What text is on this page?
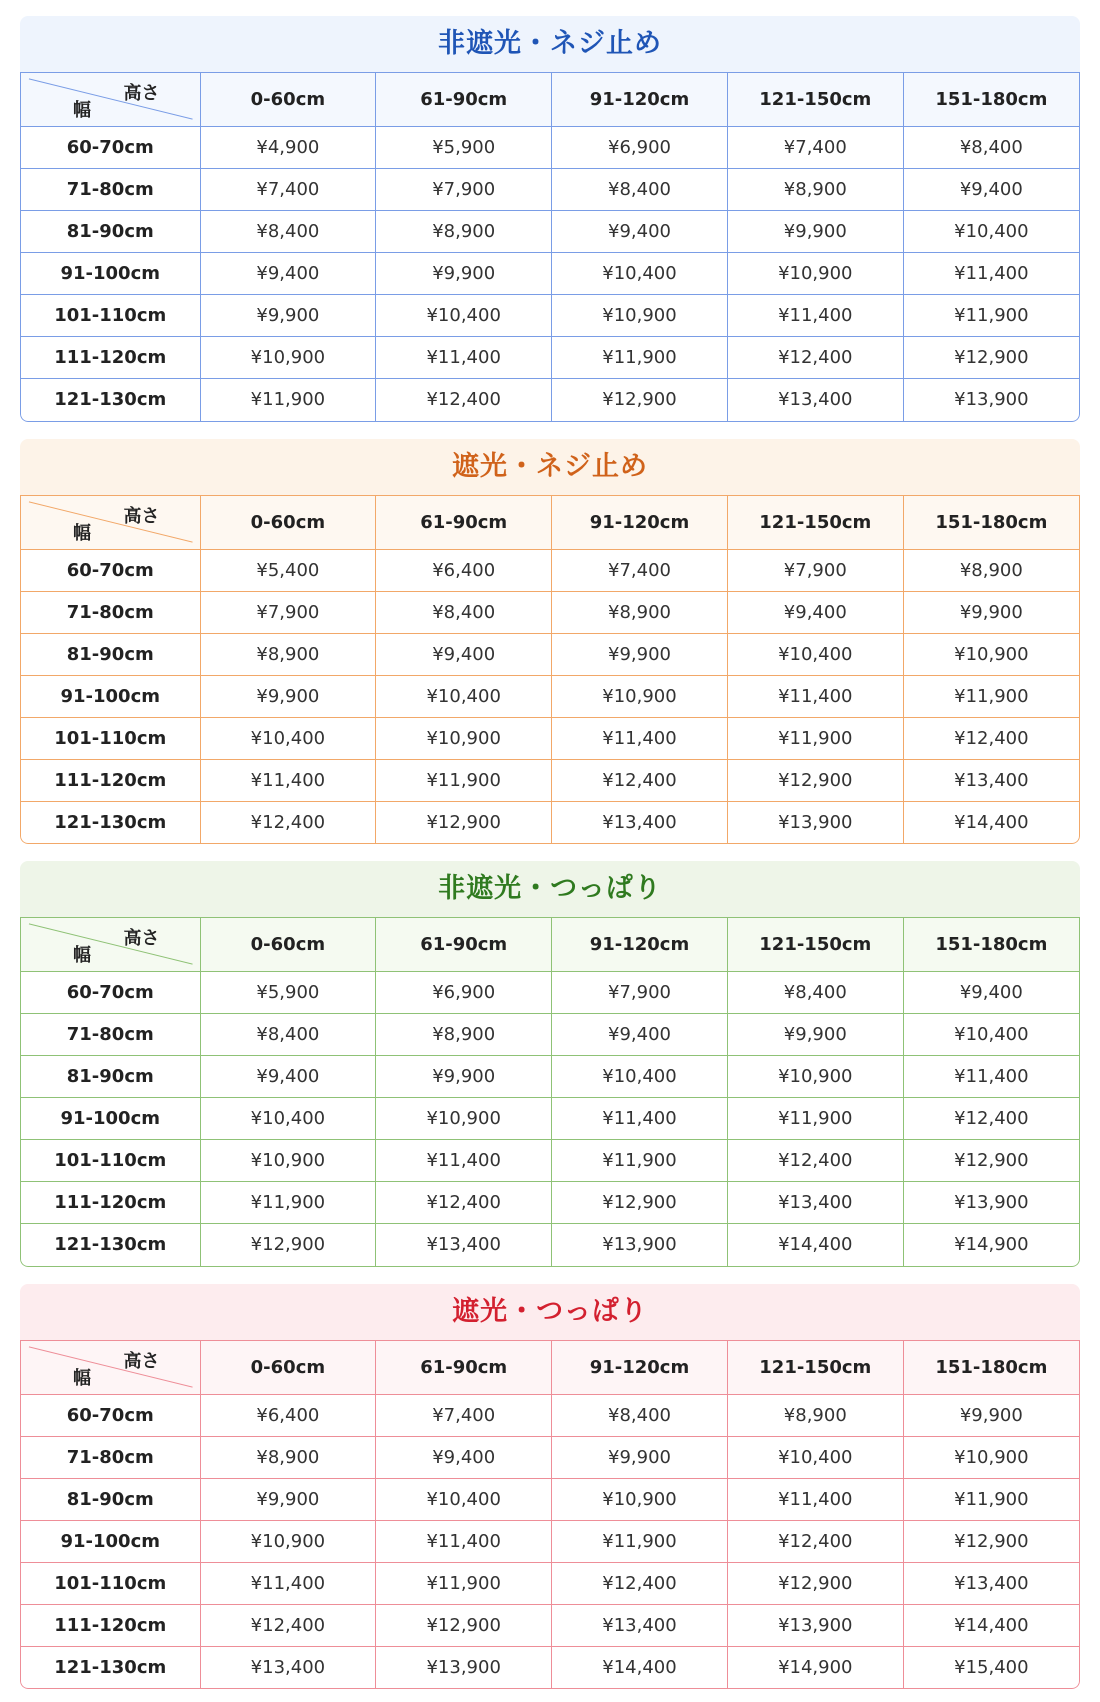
非遮光・ネジ止め
高さ
幅	0-60cm	61-90cm	91-120cm	121-150cm	151-180cm
60-70cm	¥4,900	¥5,900	¥6,900	¥7,400	¥8,400
71-80cm	¥7,400	¥7,900	¥8,400	¥8,900	¥9,400
81-90cm	¥8,400	¥8,900	¥9,400	¥9,900	¥10,400
91-100cm	¥9,400	¥9,900	¥10,400	¥10,900	¥11,400
101-110cm	¥9,900	¥10,400	¥10,900	¥11,400	¥11,900
111-120cm	¥10,900	¥11,400	¥11,900	¥12,400	¥12,900
121-130cm	¥11,900	¥12,400	¥12,900	¥13,400	¥13,900
遮光・ネジ止め
高さ
幅	0-60cm	61-90cm	91-120cm	121-150cm	151-180cm
60-70cm	¥5,400	¥6,400	¥7,400	¥7,900	¥8,900
71-80cm	¥7,900	¥8,400	¥8,900	¥9,400	¥9,900
81-90cm	¥8,900	¥9,400	¥9,900	¥10,400	¥10,900
91-100cm	¥9,900	¥10,400	¥10,900	¥11,400	¥11,900
101-110cm	¥10,400	¥10,900	¥11,400	¥11,900	¥12,400
111-120cm	¥11,400	¥11,900	¥12,400	¥12,900	¥13,400
121-130cm	¥12,400	¥12,900	¥13,400	¥13,900	¥14,400
非遮光・つっぱり
高さ
幅	0-60cm	61-90cm	91-120cm	121-150cm	151-180cm
60-70cm	¥5,900	¥6,900	¥7,900	¥8,400	¥9,400
71-80cm	¥8,400	¥8,900	¥9,400	¥9,900	¥10,400
81-90cm	¥9,400	¥9,900	¥10,400	¥10,900	¥11,400
91-100cm	¥10,400	¥10,900	¥11,400	¥11,900	¥12,400
101-110cm	¥10,900	¥11,400	¥11,900	¥12,400	¥12,900
111-120cm	¥11,900	¥12,400	¥12,900	¥13,400	¥13,900
121-130cm	¥12,900	¥13,400	¥13,900	¥14,400	¥14,900
遮光・つっぱり
高さ
幅	0-60cm	61-90cm	91-120cm	121-150cm	151-180cm
60-70cm	¥6,400	¥7,400	¥8,400	¥8,900	¥9,900
71-80cm	¥8,900	¥9,400	¥9,900	¥10,400	¥10,900
81-90cm	¥9,900	¥10,400	¥10,900	¥11,400	¥11,900
91-100cm	¥10,900	¥11,400	¥11,900	¥12,400	¥12,900
101-110cm	¥11,400	¥11,900	¥12,400	¥12,900	¥13,400
111-120cm	¥12,400	¥12,900	¥13,400	¥13,900	¥14,400
121-130cm	¥13,400	¥13,900	¥14,400	¥14,900	¥15,400
